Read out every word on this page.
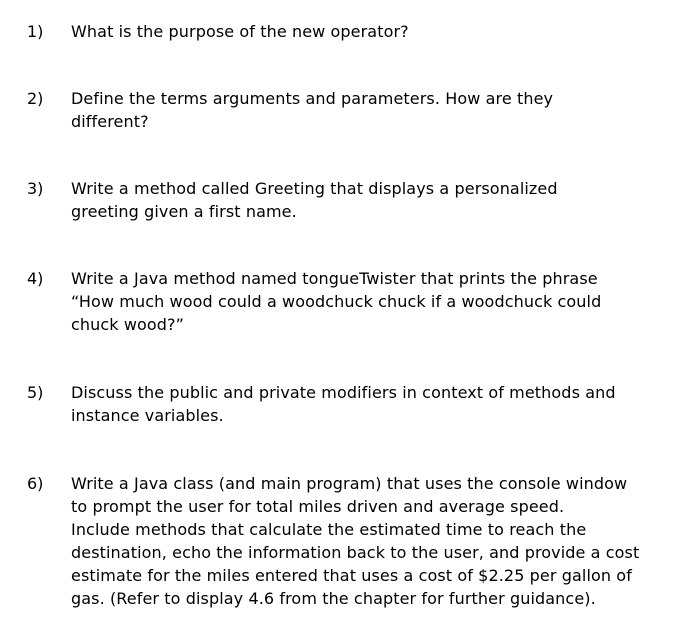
1) What is the purpose of the new operator?
2) Define the terms arguments and parameters. How are they
different?
3) Write a method called Greeting that displays a personalized
greeting given a first name.
4) Write a Java method named tongueTwister that prints the phrase
“How much wood could a woodchuck chuck if a woodchuck could
chuck wood?”
5) Discuss the public and private modifiers in context of methods and
instance variables.
6) Write a Java class (and main program) that uses the console window
to prompt the user for total miles driven and average speed.
Include methods that calculate the estimated time to reach the
destination, echo the information back to the user, and provide a cost
estimate for the miles entered that uses a cost of $2.25 per gallon of
gas. (Refer to display 4.6 from the chapter for further guidance).
